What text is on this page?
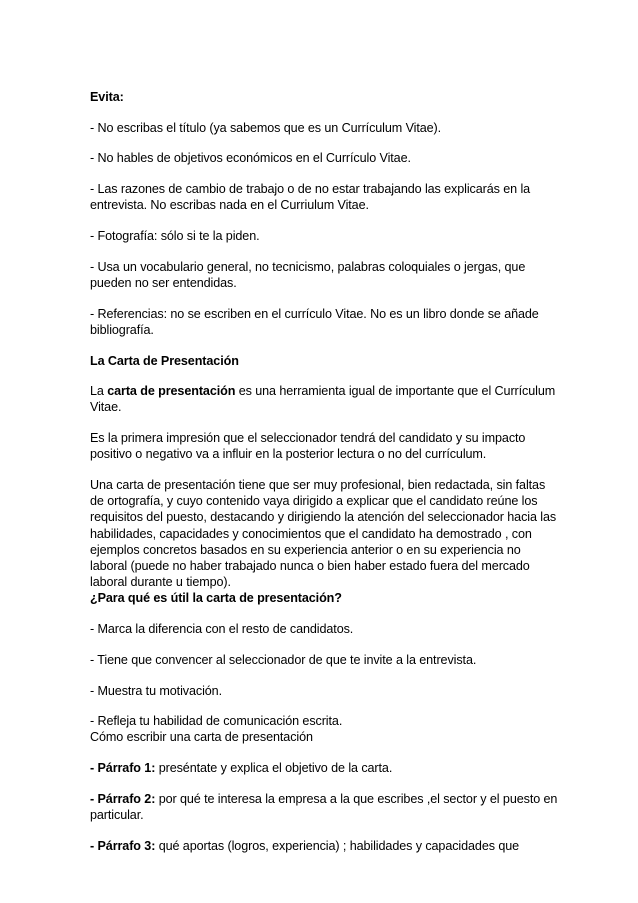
Evita:

- No escribas el título (ya sabemos que es un Currículum Vitae).

- No hables de objetivos económicos en el Currículo Vitae.

- Las razones de cambio de trabajo o de no estar trabajando las explicarás en la entrevista. No escribas nada en el Curriulum Vitae.

- Fotografía: sólo si te la piden.

- Usa un vocabulario general, no tecnicismo, palabras coloquiales o jergas, que pueden no ser entendidas.

- Referencias: no se escriben en el currículo Vitae. No es un libro donde se añade bibliografía.

La Carta de Presentación

La carta de presentación es una herramienta igual de importante que el Currículum Vitae.

Es la primera impresión que el seleccionador tendrá del candidato y su impacto positivo o negativo va a influir en la posterior lectura o no del currículum.

Una carta de presentación tiene que ser muy profesional, bien redactada, sin faltas de ortografía, y cuyo contenido vaya dirigido a explicar que el candidato reúne los requisitos del puesto, destacando y dirigiendo la atención del seleccionador hacia las habilidades, capacidades y conocimientos que el candidato ha demostrado , con ejemplos concretos basados en su experiencia anterior o en su experiencia no laboral (puede no haber trabajado nunca o bien haber estado fuera del mercado laboral durante u tiempo).

¿Para qué es útil la carta de presentación?

- Marca la diferencia con el resto de candidatos.

- Tiene que convencer al seleccionador de que te invite a la entrevista.

- Muestra tu motivación.

- Refleja tu habilidad de comunicación escrita.

Cómo escribir una carta de presentación

- Párrafo 1: preséntate y explica el objetivo de la carta.

- Párrafo 2: por qué te interesa la empresa a la que escribes ,el sector y el puesto en particular.

- Párrafo 3: qué aportas (logros, experiencia) ; habilidades y capacidades que
